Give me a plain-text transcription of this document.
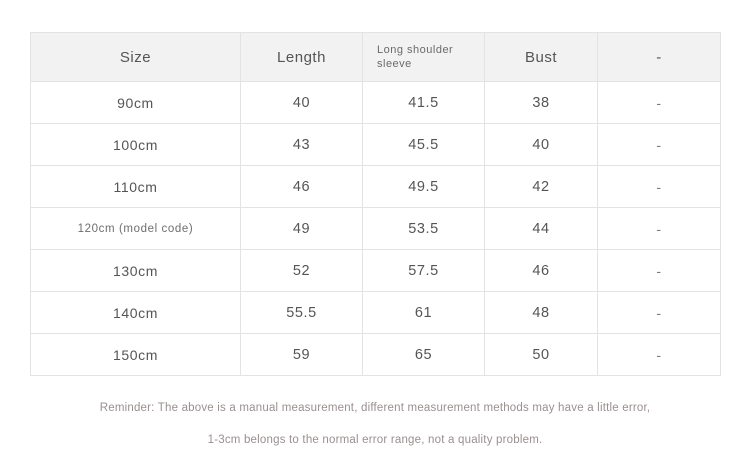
Size	Length	Long shoulder sleeve	Bust	-
90cm	40	41.5	38	-
100cm	43	45.5	40	-
110cm	46	49.5	42	-
120cm (model code)	49	53.5	44	-
130cm	52	57.5	46	-
140cm	55.5	61	48	-
150cm	59	65	50	-

Reminder: The above is a manual measurement, different measurement methods may have a little error,

1-3cm belongs to the normal error range, not a quality problem.
